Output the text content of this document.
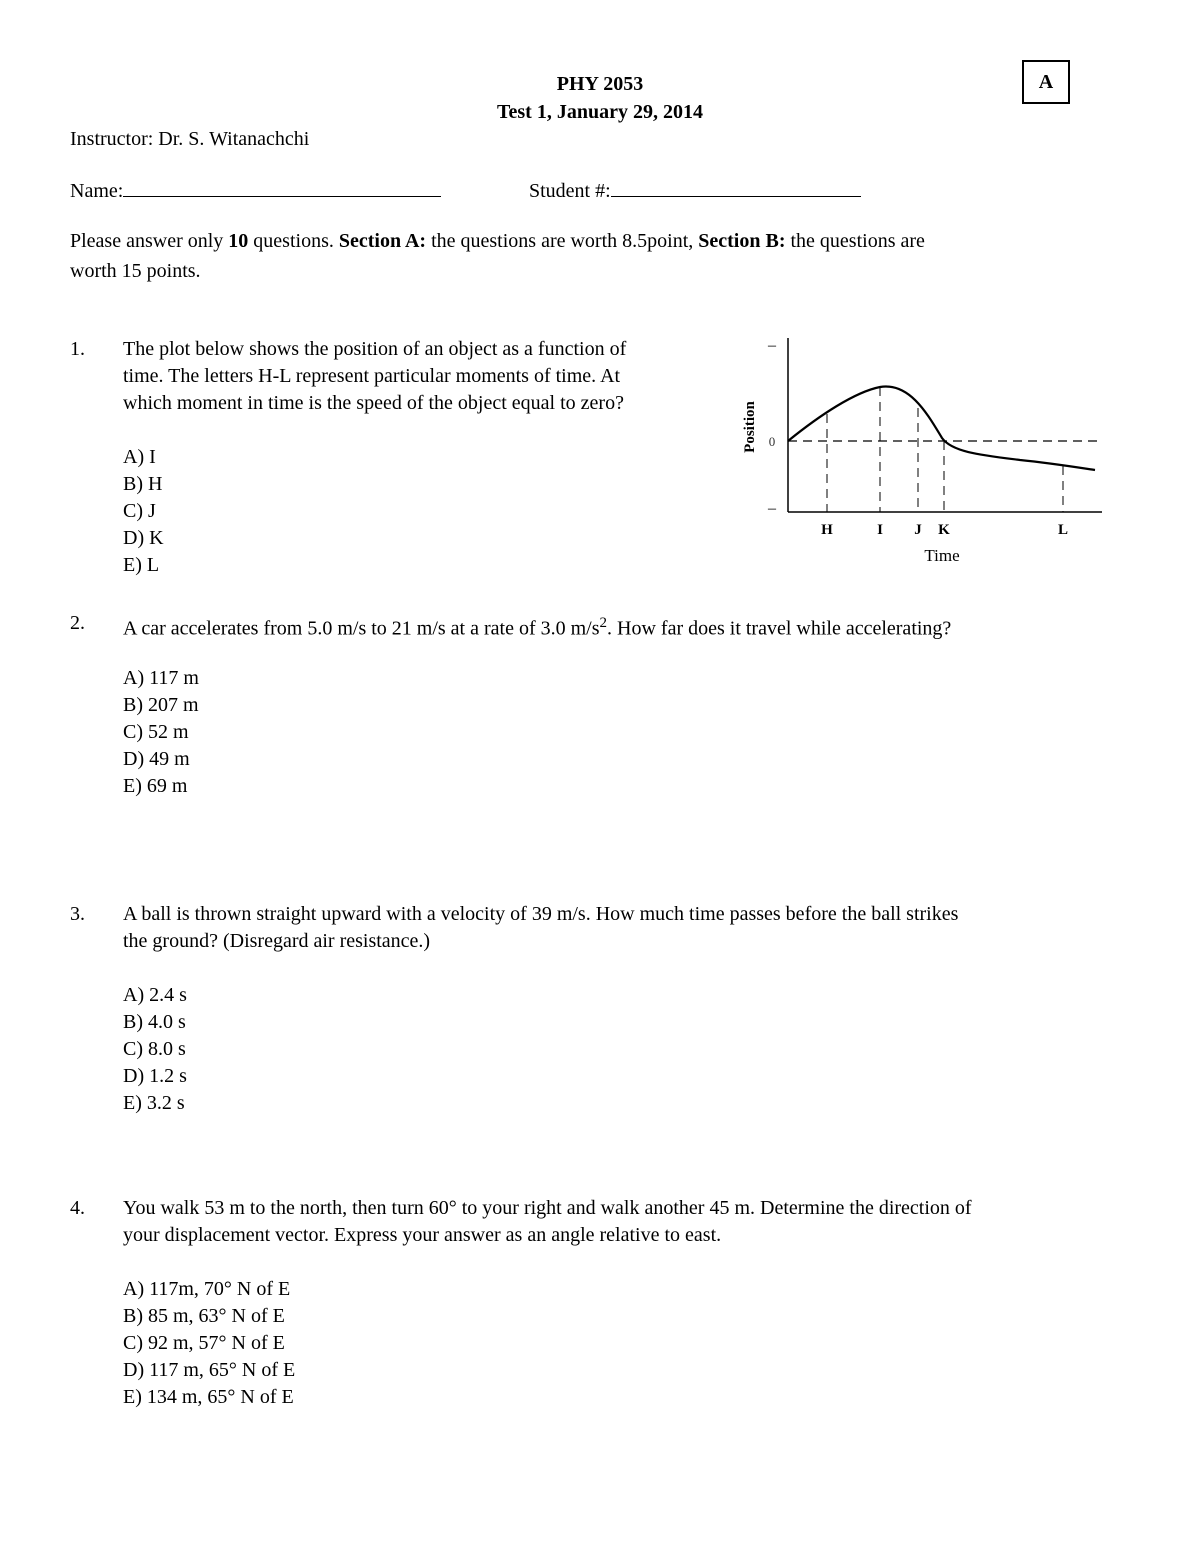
PHY 2053
Test 1, January 29, 2014
A
Instructor: Dr. S. Witanachchi
Name:	Student #:
Please answer only 10 questions. Section A: the questions are worth 8.5point, Section B: the questions are
worth 15 points.
1. The plot below shows the position of an object as a function of
time. The letters H-L represent particular moments of time. At
which moment in time is the speed of the object equal to zero?
A) I
B) H
C) J
D) K
E) L
–
0
–
Position
H	I J K	L
Time
2. A car accelerates from 5.0 m/s to 21 m/s at a rate of 3.0 $m/s^2$. How far does it travel while accelerating?
A) 117 m
B) 207 m
C) 52 m
D) 49 m
E) 69 m
3. A ball is thrown straight upward with a velocity of 39 m/s. How much time passes before the ball strikes
the ground? (Disregard air resistance.)
A) 2.4 s
B) 4.0 s
C) 8.0 s
D) 1.2 s
E) 3.2 s
4. You walk 53 m to the north, then turn 60° to your right and walk another 45 m. Determine the direction of
your displacement vector. Express your answer as an angle relative to east.
A) 117m, 70° N of E
B) 85 m, 63° N of E
C) 92 m, 57° N of E
D) 117 m, 65° N of E
E) 134 m, 65° N of E
